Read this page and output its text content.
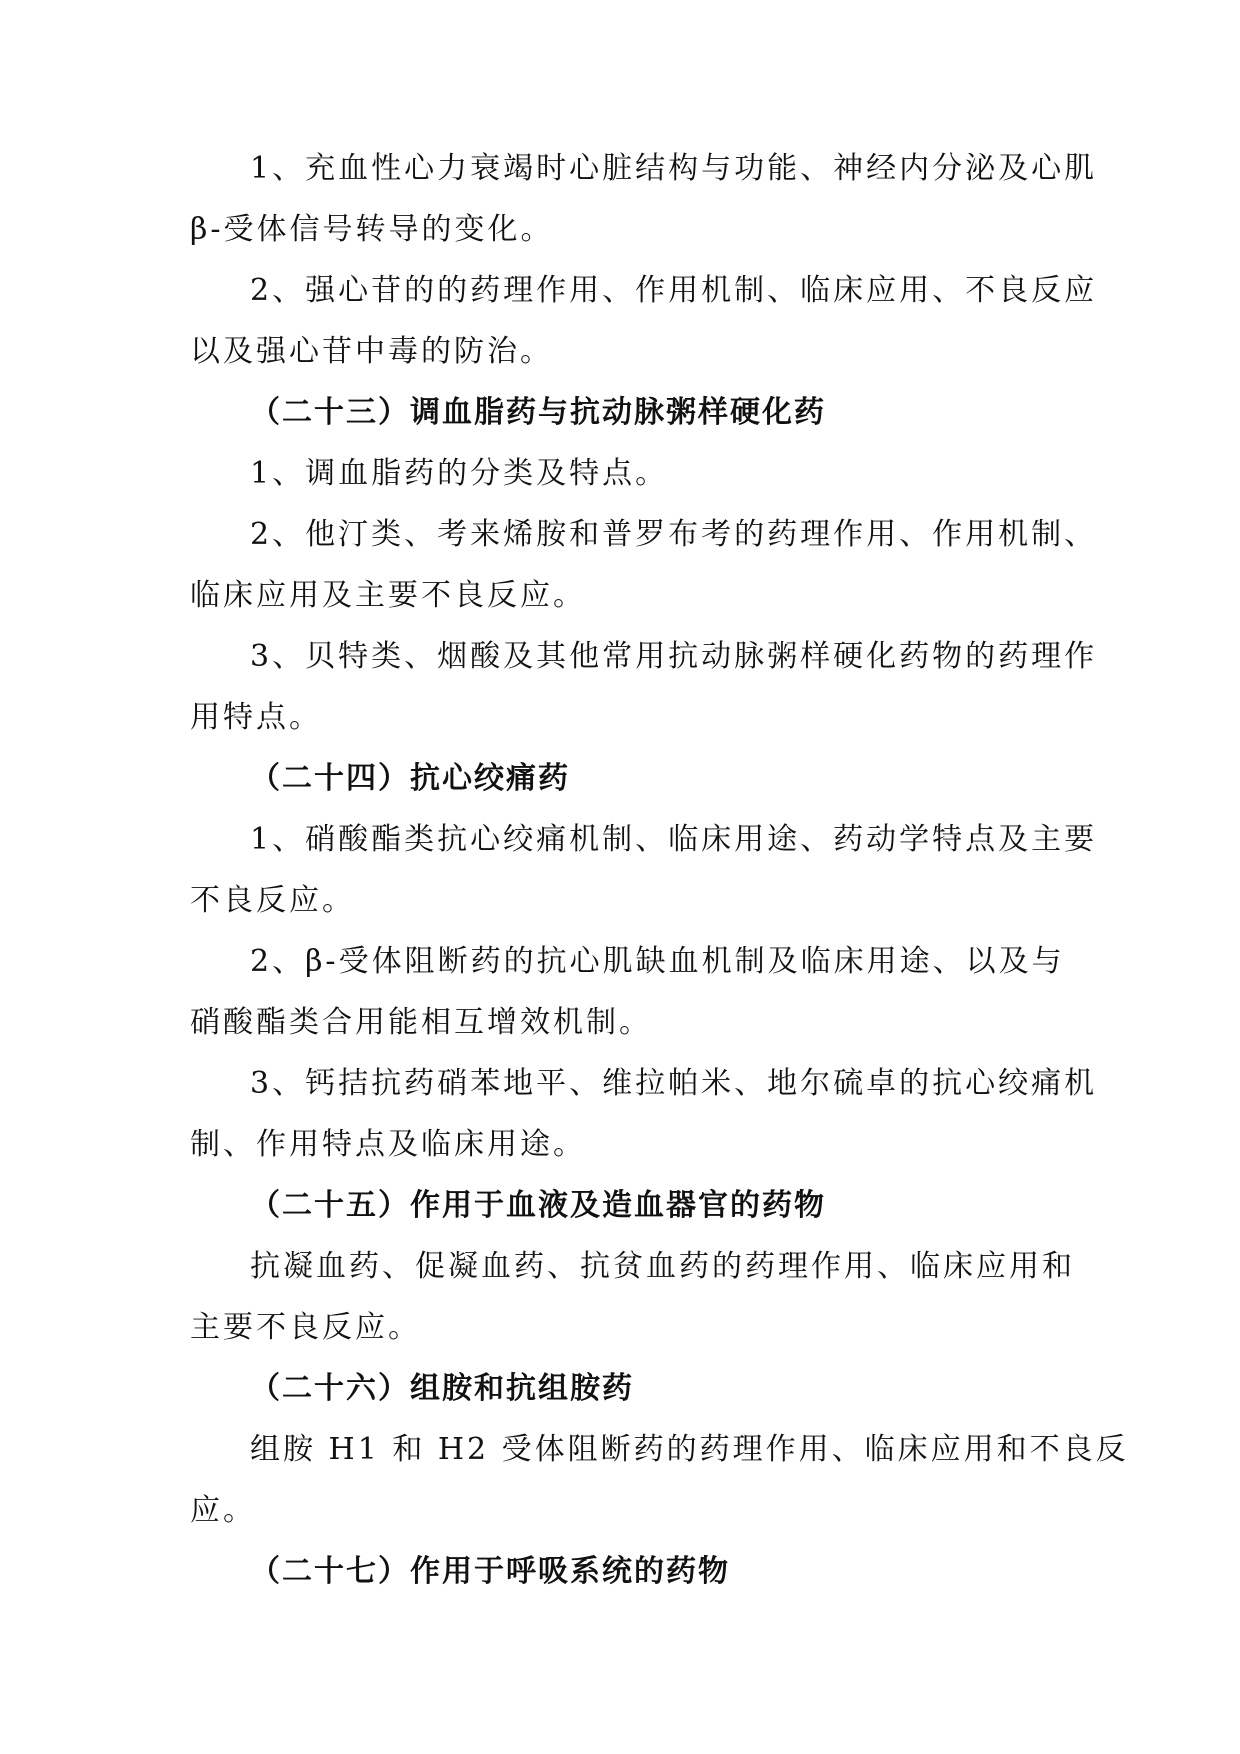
1、充血性心力衰竭时心脏结构与功能、神经内分泌及心肌
β-受体信号转导的变化。
2、强心苷的的药理作用、作用机制、临床应用、不良反应
以及强心苷中毒的防治。
（二十三）调血脂药与抗动脉粥样硬化药
1、调血脂药的分类及特点。
2、他汀类、考来烯胺和普罗布考的药理作用、作用机制、
临床应用及主要不良反应。
3、贝特类、烟酸及其他常用抗动脉粥样硬化药物的药理作
用特点。
（二十四）抗心绞痛药
1、硝酸酯类抗心绞痛机制、临床用途、药动学特点及主要
不良反应。
2、β-受体阻断药的抗心肌缺血机制及临床用途、以及与
硝酸酯类合用能相互增效机制。
3、钙拮抗药硝苯地平、维拉帕米、地尔硫卓的抗心绞痛机
制、作用特点及临床用途。
（二十五）作用于血液及造血器官的药物
抗凝血药、促凝血药、抗贫血药的药理作用、临床应用和
主要不良反应。
（二十六）组胺和抗组胺药
组胺 H1 和 H2 受体阻断药的药理作用、临床应用和不良反
应。
（二十七）作用于呼吸系统的药物
